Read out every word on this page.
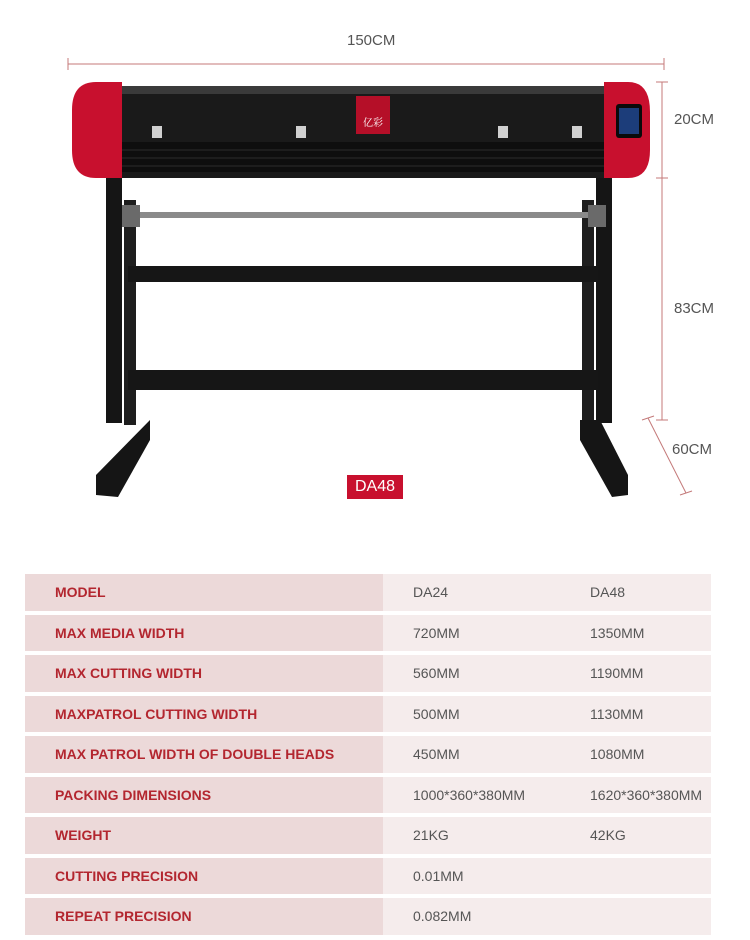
亿彩
150CM
20CM
83CM
60CM
DA48
MODEL	DA24	DA48
MAX MEDIA WIDTH	720MM	1350MM
MAX CUTTING WIDTH	560MM	1190MM
MAXPATROL CUTTING WIDTH	500MM	1130MM
MAX PATROL WIDTH OF DOUBLE HEADS	450MM	1080MM
PACKING DIMENSIONS	1000*360*380MM	1620*360*380MM
WEIGHT	21KG	42KG
CUTTING PRECISION	0.01MM	
REPEAT PRECISION	0.082MM	
